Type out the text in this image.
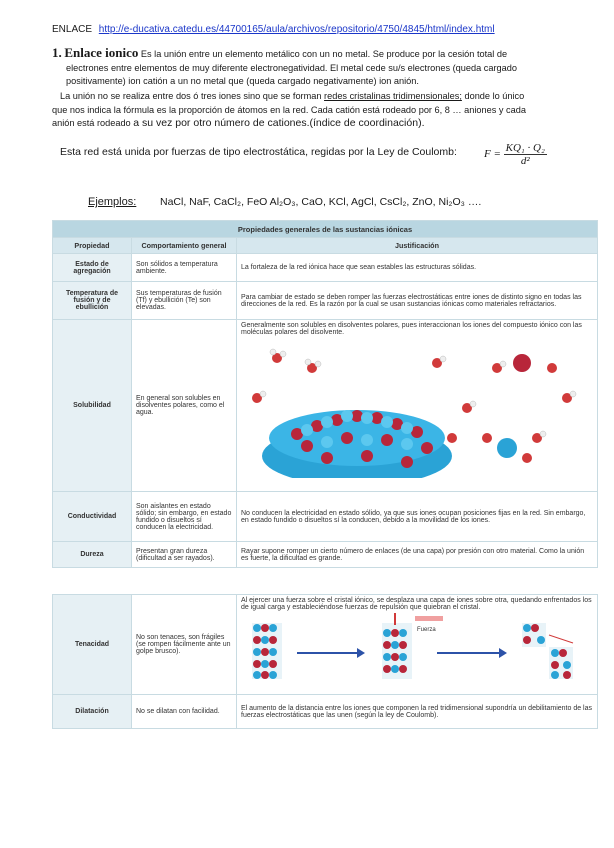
ENLACE http://e-ducativa.catedu.es/44700165/aula/archivos/repositorio/4750/4845/html/index.html
1. Enlace ionico Es la unión entre un elemento metálico con un no metal. Se produce por la cesión total de
electrones entre elementos de muy diferente electronegatividad. El metal cede su/s electrones (queda cargado
positivamente) ion catión a un no metal que (queda cargado negativamente) ion anión.
La unión no se realiza entre dos ó tres iones sino que se forman redes cristalinas tridimensionales; donde lo único
que nos indica la fórmula es la proporción de átomos en la red. Cada catión está rodeado por 6, 8 … aniones y cada
anión está rodeado a su vez por otro número de cationes.(índice de coordinación).
Esta red está unida por fuerzas de tipo electrostática, regidas por la Ley de Coulomb: $F = \frac{\text{KQ₁ · Q₂}}{\text{d²}}$
Ejemplos: NaCl, NaF, CaCl₂, FeO Al₂O₃, CaO, KCl, AgCl, CsCl₂, ZnO, Ni₂O₃ ….
Propiedades generales de las sustancias iónicas		
Propiedad	Comportamiento general	Justificación
Estado de agregación	Son sólidos a temperatura ambiente.	La fortaleza de la red iónica hace que sean estables las estructuras sólidas.
Temperatura de fusión y de ebullición	Sus temperaturas de fusión (Tf) y ebullición (Te) son elevadas.	Para cambiar de estado se deben romper las fuerzas electrostáticas entre iones de distinto signo en todas las direcciones de la red. Es la razón por la cual se usan sustancias iónicas como materiales refractarios.
Solubilidad	En general son solubles en disolventes polares, como el agua.	Generalmente son solubles en disolventes polares, pues interaccionan los iones del compuesto iónico con las moléculas polares del disolvente.

Conductividad	Son aislantes en estado sólido; sin embargo, en estado fundido o disueltos sí conducen la electricidad.	No conducen la electricidad en estado sólido, ya que sus iones ocupan posiciones fijas en la red. Sin embargo, en estado fundido o disueltos sí la conducen, debido a la movilidad de los iones.
Dureza	Presentan gran dureza (dificultad a ser rayados).	Rayar supone romper un cierto número de enlaces (de una capa) por presión con otro material. Como la unión es fuerte, la dificultad es grande.
Tenacidad	No son tenaces, son frágiles (se rompen fácilmente ante un golpe brusco).	Al ejercer una fuerza sobre el cristal iónico, se desplaza una capa de iones sobre otra, quedando enfrentados los de igual carga y estableciéndose fuerzas de repulsión que quiebran el cristal.
Fuerza

Dilatación	No se dilatan con facilidad.	El aumento de la distancia entre los iones que componen la red tridimensional supondría un debilitamiento de las fuerzas electrostáticas que las unen (según la ley de Coulomb).
